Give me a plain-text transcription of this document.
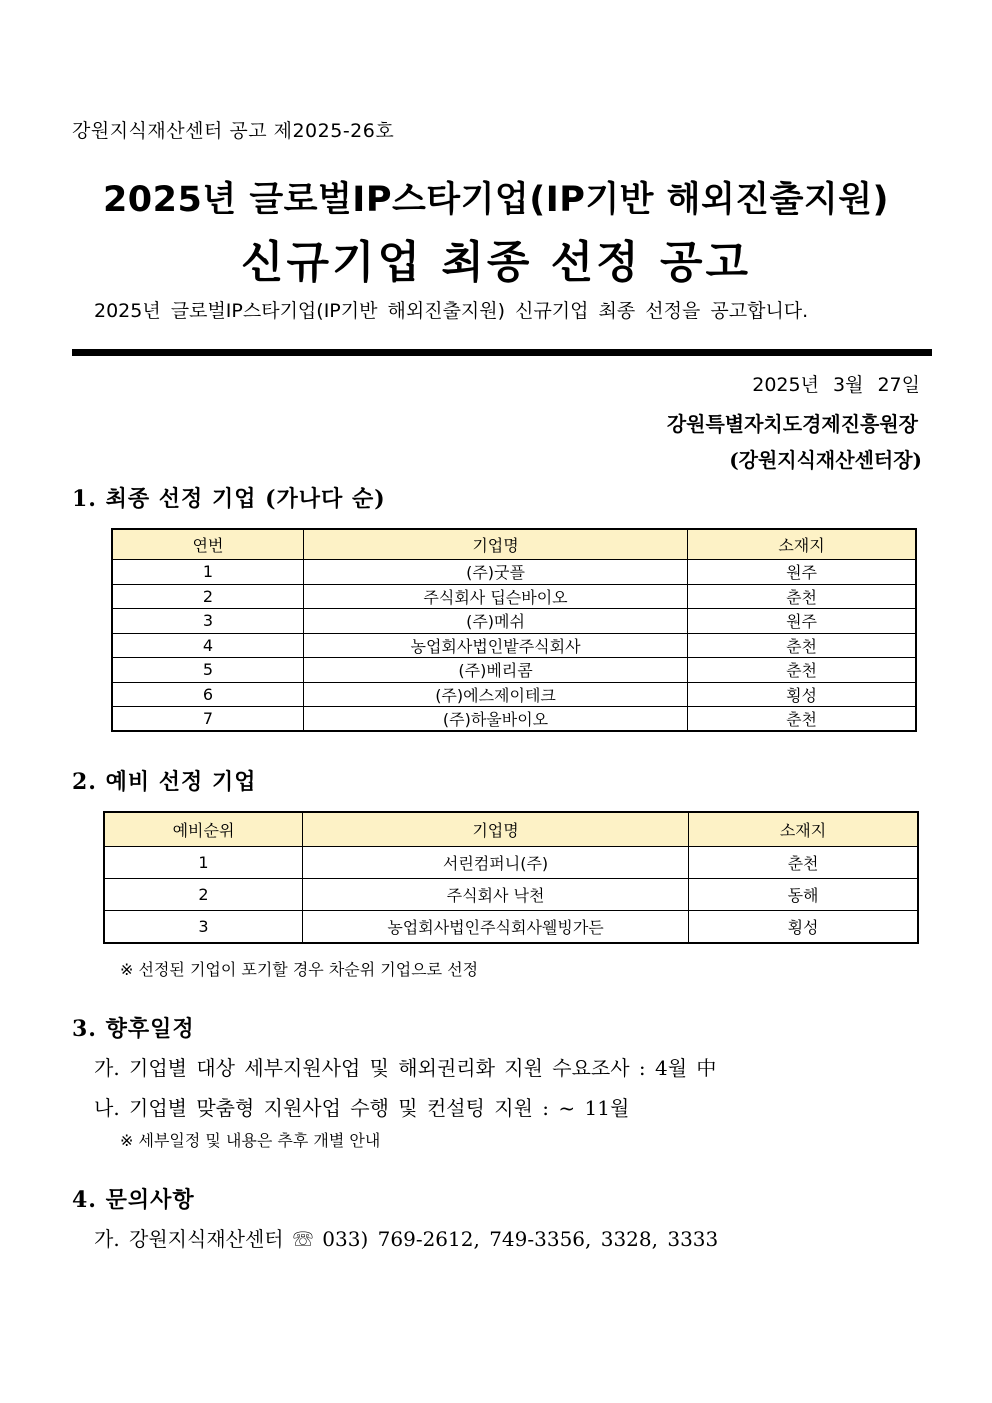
강원지식재산센터 공고 제2025-26호
2025년 글로벌IP스타기업(IP기반 해외진출지원)
신규기업 최종 선정 공고
2025년 글로벌IP스타기업(IP기반 해외진출지원) 신규기업 최종 선정을 공고합니다.
2025년 3월 27일
강원특별자치도경제진흥원장
(강원지식재산센터장)
1. 최종 선정 기업 (가나다 순)
연번	기업명	소재지
1	(주)굿플	원주
2	주식회사 딥슨바이오	춘천
3	(주)메쉬	원주
4	농업회사법인밭주식회사	춘천
5	(주)베리콤	춘천
6	(주)에스제이테크	횡성
7	(주)하울바이오	춘천
2. 예비 선정 기업
예비순위	기업명	소재지
1	서린컴퍼니(주)	춘천
2	주식회사 낙천	동해
3	농업회사법인주식회사웰빙가든	횡성
※ 선정된 기업이 포기할 경우 차순위 기업으로 선정
3. 향후일정
가. 기업별 대상 세부지원사업 및 해외권리화 지원 수요조사 : 4월 中
나. 기업별 맞춤형 지원사업 수행 및 컨설팅 지원 : ~ 11월
※ 세부일정 및 내용은 추후 개별 안내
4. 문의사항
가. 강원지식재산센터 ☏ 033) 769-2612, 749-3356, 3328, 3333
